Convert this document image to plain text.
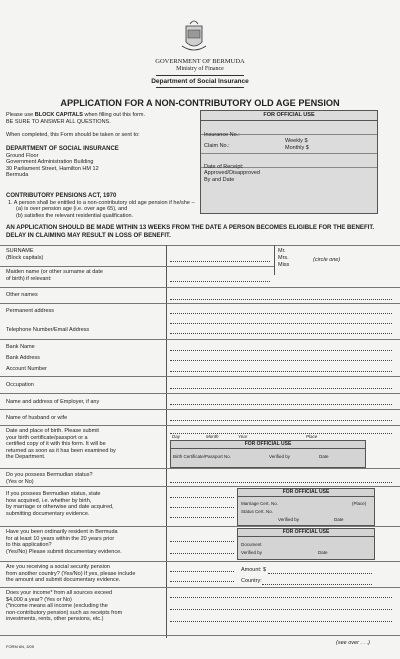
GOVERNMENT OF BERMUDA
Ministry of Finance
Department of Social Insurance
APPLICATION FOR A NON-CONTRIBUTORY OLD AGE PENSION
Please use BLOCK CAPITALS when filling out this form.
BE SURE TO ANSWER ALL QUESTIONS.
When completed, this Form should be taken or sent to:
DEPARTMENT OF SOCIAL INSURANCE
Ground Floor
Government Administration Building
30 Parliament Street, Hamilton HM 12
Bermuda
FOR OFFICIAL USE
Insurance No.:
Claim No.:
Weekly $
Monthly $
Date of Receipt:
Approved/Disapproved
By and Date
CONTRIBUTORY PENSIONS ACT, 1970
1. A person shall be entitled to a non-contributory old age pension if he/she –
(a) is over pension age (i.e. over age 65), and
(b) satisfies the relevant residential qualification.
AN APPLICATION SHOULD BE MADE WITHIN 13 WEEKS FROM THE DATE A PERSON BECOMES ELIGIBLE FOR THE BENEFIT. DELAY IN CLAIMING MAY RESULT IN LOSS OF BENEFIT.
SURNAME
(Block capitals)
Mr.
Mrs.
Miss
(circle one)
Maiden name (or other surname at date
of birth) if relevant:
Other names
Permanent address
Telephone Number/Email Address
Bank Name
Bank Address
Account Number
Occupation
Name and address of Employer, if any
Name of husband or wife
Date and place of birth. Please submit
your birth certificate/passport or a
certified copy of it with this form. It will be
returned as soon as it has been examined by
the Department.
Day	Month	Year	Place
FOR OFFICIAL USE
Birth Certificate/Passport No.	Verified by	Date
Do you possess Bermudian status?
(Yes or No)
If you possess Bermudian status, state
how acquired, i.e. whether by birth,
by marriage or otherwise and date acquired,
submitting documentary evidence.
FOR OFFICIAL USE
Marriage Cert. No.	(Place)
Status Cert. No.
Verified by	Date
Have you been ordinarily resident in Bermuda
for at least 10 years within the 20 years prior
to this application?
(Yes/No) Please submit documentary evidence.
FOR OFFICIAL USE
Document
Verified by	Date
Are you receiving a social security pension
from another country? (Yes/No) If yes, please include
the amount and submit documentary evidence.
Amount: $
Country:
Does your income* from all sources exceed
$4,000 a year? (Yes or No)
(*income means all income (excluding the
non-contributory pension) such as receipts from
investments, rents, other pensions, etc.)
FORM 6N, 3/05
(see over . . .)
